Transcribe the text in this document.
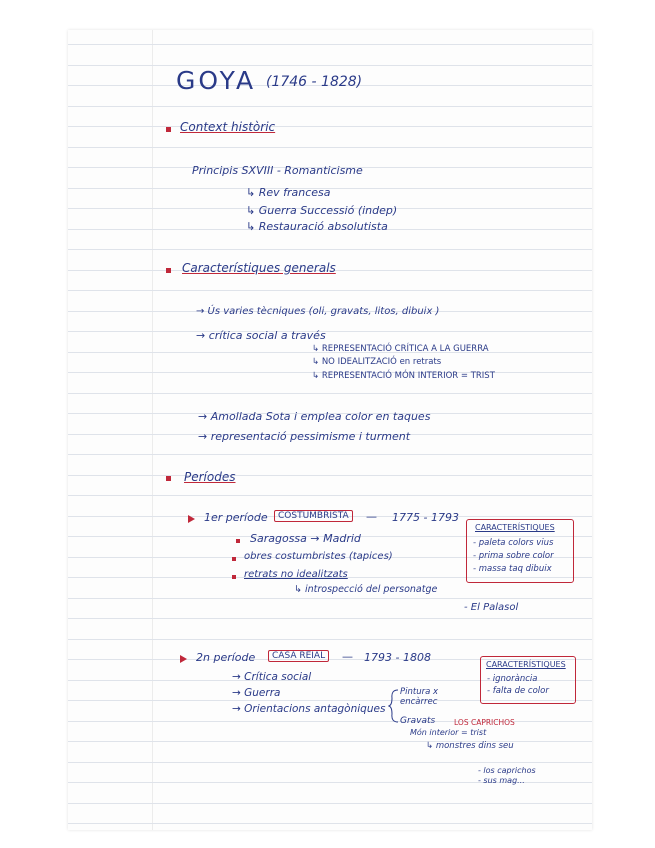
GOYA (1746 - 1828)
Context històric
Principis SXVIII - Romanticisme
↳ Rev francesa
↳ Guerra Successió (indep)
↳ Restauració absolutista
Característiques generals
→ Ús varies tècniques (oli, gravats, litos, dibuix )
→ crítica social a través
↳ REPRESENTACIÓ CRÍTICA A LA GUERRA
↳ NO IDEALITZACIÓ en retrats
↳ REPRESENTACIÓ MÓN INTERIOR = TRIST
→ Amollada Sota i emplea color en taques
→ representació pessimisme i turment
Períodes
1er període	COSTUMBRISTA	— 1775 - 1793
Saragossa → Madrid
obres costumbristes (tapices)
retrats no idealitzats
↳ introspecció del personatge
- El Palasol
CARACTERÍSTIQUES
- paleta colors vius
- prima sobre color
- massa taq dibuix
2n període	CASA REIAL	— 1793 - 1808
→ Crítica social
→ Guerra
→ Orientacions antagòniques
Pintura x
encàrrec
Gravats	LOS CAPRICHOS
Món interior = trist
↳ monstres dins seu
- los caprichos
- sus mag...
CARACTERÍSTIQUES
- ignorància
- falta de color
